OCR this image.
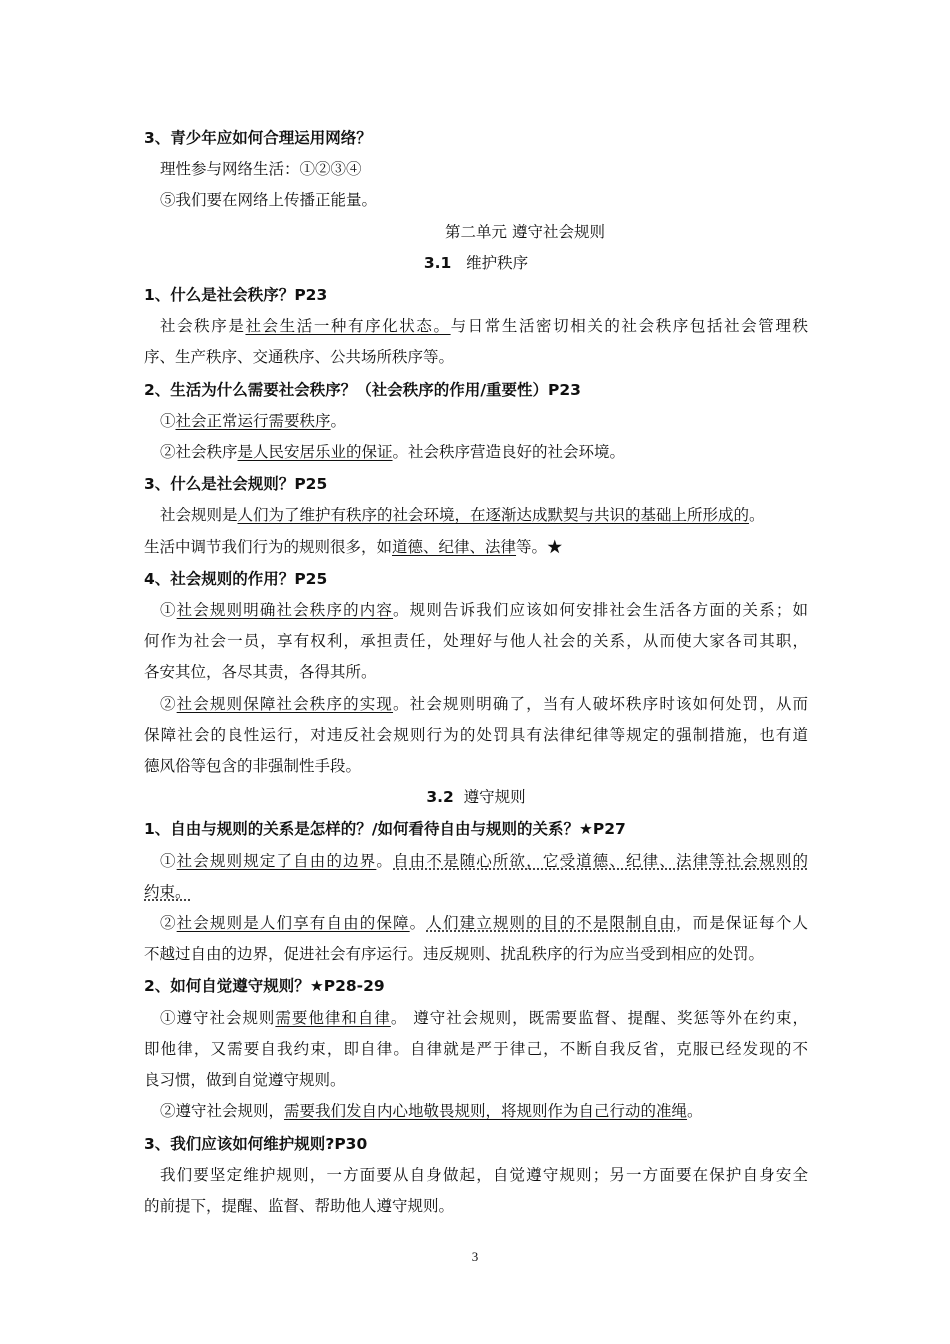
3、青少年应如何合理运用网络？
理性参与网络生活：①②③④
⑤我们要在网络上传播正能量。
第二单元 遵守社会规则
3.1 维护秩序
1、什么是社会秩序？P23
社会秩序是社会生活一种有序化状态。与日常生活密切相关的社会秩序包括社会管理秩
序、生产秩序、交通秩序、公共场所秩序等。
2、生活为什么需要社会秩序？（社会秩序的作用/重要性）P23
①社会正常运行需要秩序。
②社会秩序是人民安居乐业的保证。社会秩序营造良好的社会环境。
3、什么是社会规则？P25
社会规则是人们为了维护有秩序的社会环境，在逐渐达成默契与共识的基础上所形成的。
生活中调节我们行为的规则很多，如道德、纪律、法律等。★
4、社会规则的作用？P25
①社会规则明确社会秩序的内容。规则告诉我们应该如何安排社会生活各方面的关系；如
何作为社会一员，享有权利，承担责任，处理好与他人社会的关系，从而使大家各司其职，
各安其位，各尽其责，各得其所。
②社会规则保障社会秩序的实现。社会规则明确了，当有人破坏秩序时该如何处罚，从而
保障社会的良性运行，对违反社会规则行为的处罚具有法律纪律等规定的强制措施，也有道
德风俗等包含的非强制性手段。
3.2 遵守规则
1、自由与规则的关系是怎样的？/如何看待自由与规则的关系？★P27
①社会规则规定了自由的边界。自由不是随心所欲，它受道德、纪律、法律等社会规则的
约束。
②社会规则是人们享有自由的保障。人们建立规则的目的不是限制自由，而是保证每个人
不越过自由的边界，促进社会有序运行。违反规则、扰乱秩序的行为应当受到相应的处罚。
2、如何自觉遵守规则？★P28-29
①遵守社会规则需要他律和自律。 遵守社会规则，既需要监督、提醒、奖惩等外在约束，
即他律，又需要自我约束，即自律。自律就是严于律己，不断自我反省，克服已经发现的不
良习惯，做到自觉遵守规则。
②遵守社会规则，需要我们发自内心地敬畏规则，将规则作为自己行动的准绳。
3、我们应该如何维护规则?P30
我们要坚定维护规则，一方面要从自身做起，自觉遵守规则；另一方面要在保护自身安全
的前提下，提醒、监督、帮助他人遵守规则。
3
